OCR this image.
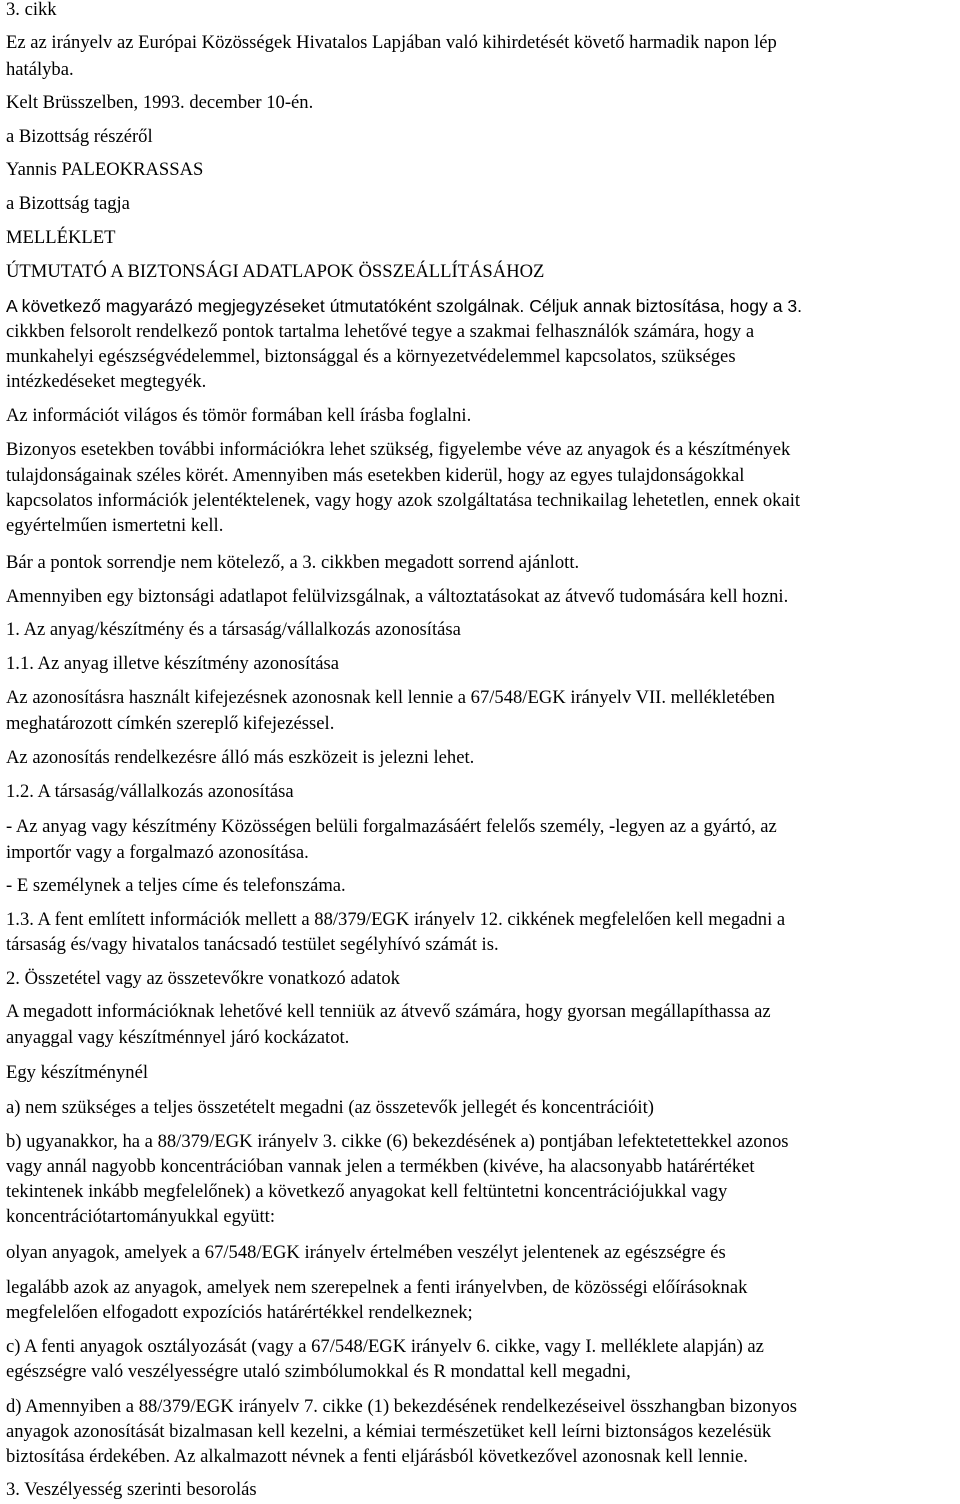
3. cikk
Ez az irányelv az Európai Közösségek Hivatalos Lapjában való kihirdetését követő harmadik napon lép
hatályba.
Kelt Brüsszelben, 1993. december 10-én.
a Bizottság részéről
Yannis PALEOKRASSAS
a Bizottság tagja
MELLÉKLET
ÚTMUTATÓ A BIZTONSÁGI ADATLAPOK ÖSSZEÁLLÍTÁSÁHOZ
A következő magyarázó megjegyzéseket útmutatóként szolgálnak. Céljuk annak biztosítása, hogy a 3.
cikkben felsorolt rendelkező pontok tartalma lehetővé tegye a szakmai felhasználók számára, hogy a
munkahelyi egészségvédelemmel, biztonsággal és a környezetvédelemmel kapcsolatos, szükséges
intézkedéseket megtegyék.
Az információt világos és tömör formában kell írásba foglalni.
Bizonyos esetekben további információkra lehet szükség, figyelembe véve az anyagok és a készítmények
tulajdonságainak széles körét. Amennyiben más esetekben kiderül, hogy az egyes tulajdonságokkal
kapcsolatos információk jelentéktelenek, vagy hogy azok szolgáltatása technikailag lehetetlen, ennek okait
egyértelműen ismertetni kell.
Bár a pontok sorrendje nem kötelező, a 3. cikkben megadott sorrend ajánlott.
Amennyiben egy biztonsági adatlapot felülvizsgálnak, a változtatásokat az átvevő tudomására kell hozni.
1. Az anyag/készítmény és a társaság/vállalkozás azonosítása
1.1. Az anyag illetve készítmény azonosítása
Az azonosításra használt kifejezésnek azonosnak kell lennie a 67/548/EGK irányelv VII. mellékletében
meghatározott címkén szereplő kifejezéssel.
Az azonosítás rendelkezésre álló más eszközeit is jelezni lehet.
1.2. A társaság/vállalkozás azonosítása
- Az anyag vagy készítmény Közösségen belüli forgalmazásáért felelős személy, -legyen az a gyártó, az
importőr vagy a forgalmazó azonosítása.
- E személynek a teljes címe és telefonszáma.
1.3. A fent említett információk mellett a 88/379/EGK irányelv 12. cikkének megfelelően kell megadni a
társaság és/vagy hivatalos tanácsadó testület segélyhívó számát is.
2. Összetétel vagy az összetevőkre vonatkozó adatok
A megadott információknak lehetővé kell tenniük az átvevő számára, hogy gyorsan megállapíthassa az
anyaggal vagy készítménnyel járó kockázatot.
Egy készítménynél
a) nem szükséges a teljes összetételt megadni (az összetevők jellegét és koncentrációit)
b) ugyanakkor, ha a 88/379/EGK irányelv 3. cikke (6) bekezdésének a) pontjában lefektetettekkel azonos
vagy annál nagyobb koncentrációban vannak jelen a termékben (kivéve, ha alacsonyabb határértéket
tekintenek inkább megfelelőnek) a következő anyagokat kell feltüntetni koncentrációjukkal vagy
koncentrációtartományukkal együtt:
olyan anyagok, amelyek a 67/548/EGK irányelv értelmében veszélyt jelentenek az egészségre és
legalább azok az anyagok, amelyek nem szerepelnek a fenti irányelvben, de közösségi előírásoknak
megfelelően elfogadott expozíciós határértékkel rendelkeznek;
c) A fenti anyagok osztályozását (vagy a 67/548/EGK irányelv 6. cikke, vagy I. melléklete alapján) az
egészségre való veszélyességre utaló szimbólumokkal és R mondattal kell megadni,
d) Amennyiben a 88/379/EGK irányelv 7. cikke (1) bekezdésének rendelkezéseivel összhangban bizonyos
anyagok azonosítását bizalmasan kell kezelni, a kémiai természetüket kell leírni biztonságos kezelésük
biztosítása érdekében. Az alkalmazott névnek a fenti eljárásból következővel azonosnak kell lennie.
3. Veszélyesség szerinti besorolás
